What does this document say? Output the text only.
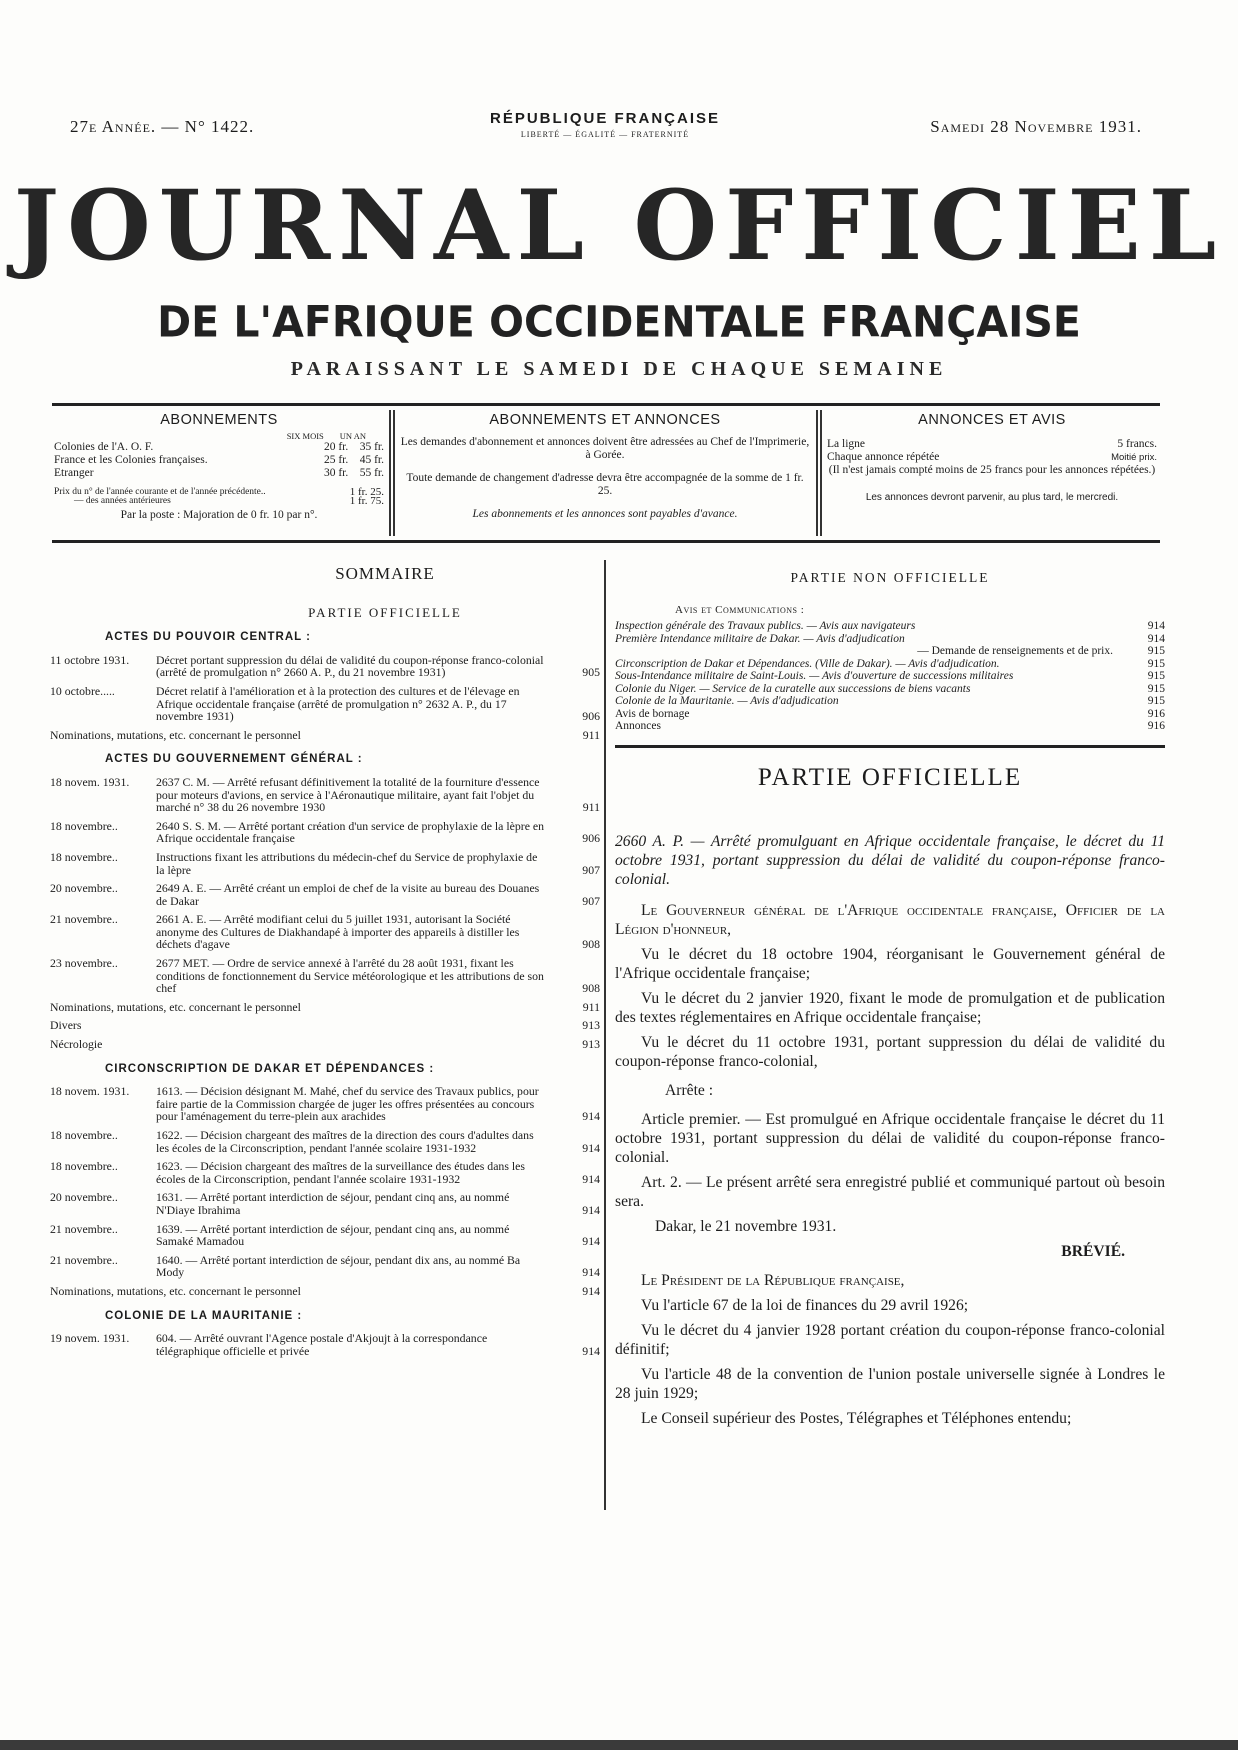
27e Année. — N° 1422.	RÉPUBLIQUE FRANÇAISE
LIBERTÉ — ÉGALITÉ — FRATERNITÉ	Samedi 28 Novembre 1931.
JOURNAL OFFICIEL
DE L'AFRIQUE OCCIDENTALE FRANÇAISE
PARAISSANT LE SAMEDI DE CHAQUE SEMAINE
ABONNEMENTS
SIX MOIS UN AN
Colonies de l'A. O. F.	20 fr. 35 fr.
France et les Colonies françaises.	25 fr. 45 fr.
Etranger	30 fr. 55 fr.
Prix du n° de l'année courante et de l'année précédente..	1 fr. 25.
— des années antérieures	1 fr. 75.
Par la poste : Majoration de 0 fr. 10 par n°.
ABONNEMENTS ET ANNONCES
Les demandes d'abonnement et annonces doivent être adressées au Chef de l'Imprimerie, à Gorée.
Toute demande de changement d'adresse devra être accompagnée de la somme de 1 fr. 25.
Les abonnements et les annonces sont payables d'avance.
ANNONCES ET AVIS
La ligne	5 francs.
Chaque annonce répétée	Moitié prix.
(Il n'est jamais compté moins de 25 francs pour les annonces répétées.)
Les annonces devront parvenir, au plus tard, le mercredi.
SOMMAIRE
PARTIE OFFICIELLE
ACTES DU POUVOIR CENTRAL :
11 octobre 1931.	Décret portant suppression du délai de validité du coupon-réponse franco-colonial (arrêté de promulgation n° 2660 A. P., du 21 novembre 1931)	905
10 octobre.....	Décret relatif à l'amélioration et à la protection des cultures et de l'élevage en Afrique occidentale française (arrêté de promulgation n° 2632 A. P., du 17 novembre 1931)	906
Nominations, mutations, etc. concernant le personnel	911
ACTES DU GOUVERNEMENT GÉNÉRAL :
18 novem. 1931.	2637 C. M. — Arrêté refusant définitivement la totalité de la fourniture d'essence pour moteurs d'avions, en service à l'Aéronautique militaire, ayant fait l'objet du marché n° 38 du 26 novembre 1930	911
18 novembre..	2640 S. S. M. — Arrêté portant création d'un service de prophylaxie de la lèpre en Afrique occidentale française	906
18 novembre..	Instructions fixant les attributions du médecin-chef du Service de prophylaxie de la lèpre	907
20 novembre..	2649 A. E. — Arrêté créant un emploi de chef de la visite au bureau des Douanes de Dakar	907
21 novembre..	2661 A. E. — Arrêté modifiant celui du 5 juillet 1931, autorisant la Société anonyme des Cultures de Diakhandapé à importer des appareils à distiller les déchets d'agave	908
23 novembre..	2677 MET. — Ordre de service annexé à l'arrêté du 28 août 1931, fixant les conditions de fonctionnement du Service météorologique et les attributions de son chef	908
Nominations, mutations, etc. concernant le personnel	911
Divers	913
Nécrologie	913
CIRCONSCRIPTION DE DAKAR ET DÉPENDANCES :
18 novem. 1931.	1613. — Décision désignant M. Mahé, chef du service des Travaux publics, pour faire partie de la Commission chargée de juger les offres présentées au concours pour l'aménagement du terre-plein aux arachides	914
18 novembre..	1622. — Décision chargeant des maîtres de la direction des cours d'adultes dans les écoles de la Circonscription, pendant l'année scolaire 1931-1932	914
18 novembre..	1623. — Décision chargeant des maîtres de la surveillance des études dans les écoles de la Circonscription, pendant l'année scolaire 1931-1932	914
20 novembre..	1631. — Arrêté portant interdiction de séjour, pendant cinq ans, au nommé N'Diaye Ibrahima	914
21 novembre..	1639. — Arrêté portant interdiction de séjour, pendant cinq ans, au nommé Samaké Mamadou	914
21 novembre..	1640. — Arrêté portant interdiction de séjour, pendant dix ans, au nommé Ba Mody	914
Nominations, mutations, etc. concernant le personnel	914
COLONIE DE LA MAURITANIE :
19 novem. 1931.	604. — Arrêté ouvrant l'Agence postale d'Akjoujt à la correspondance télégraphique officielle et privée	914
PARTIE NON OFFICIELLE
Avis et Communications :
Inspection générale des Travaux publics. — Avis aux navigateurs	914
Première Intendance militaire de Dakar. — Avis d'adjudication	914
— Demande de renseignements et de prix.	915
Circonscription de Dakar et Dépendances. (Ville de Dakar). — Avis d'adjudication.	915
Sous-Intendance militaire de Saint-Louis. — Avis d'ouverture de successions militaires	915
Colonie du Niger. — Service de la curatelle aux successions de biens vacants	915
Colonie de la Mauritanie. — Avis d'adjudication	915
Avis de bornage	916
Annonces	916
PARTIE OFFICIELLE

2660 A. P. — Arrêté promulguant en Afrique occidentale française, le décret du 11 octobre 1931, portant suppression du délai de validité du coupon-réponse franco-colonial.

Le Gouverneur général de l'Afrique occidentale française, Officier de la Légion d'honneur,

Vu le décret du 18 octobre 1904, réorganisant le Gouvernement général de l'Afrique occidentale française;

Vu le décret du 2 janvier 1920, fixant le mode de promulgation et de publication des textes réglementaires en Afrique occidentale française;

Vu le décret du 11 octobre 1931, portant suppression du délai de validité du coupon-réponse franco-colonial,

Arrête :

Article premier. — Est promulgué en Afrique occidentale française le décret du 11 octobre 1931, portant suppression du délai de validité du coupon-réponse franco-colonial.

Art. 2. — Le présent arrêté sera enregistré publié et communiqué partout où besoin sera.

Dakar, le 21 novembre 1931.

BRÉVIÉ.

Le Président de la République française,

Vu l'article 67 de la loi de finances du 29 avril 1926;

Vu le décret du 4 janvier 1928 portant création du coupon-réponse franco-colonial définitif;

Vu l'article 48 de la convention de l'union postale universelle signée à Londres le 28 juin 1929;

Le Conseil supérieur des Postes, Télégraphes et Téléphones entendu;
